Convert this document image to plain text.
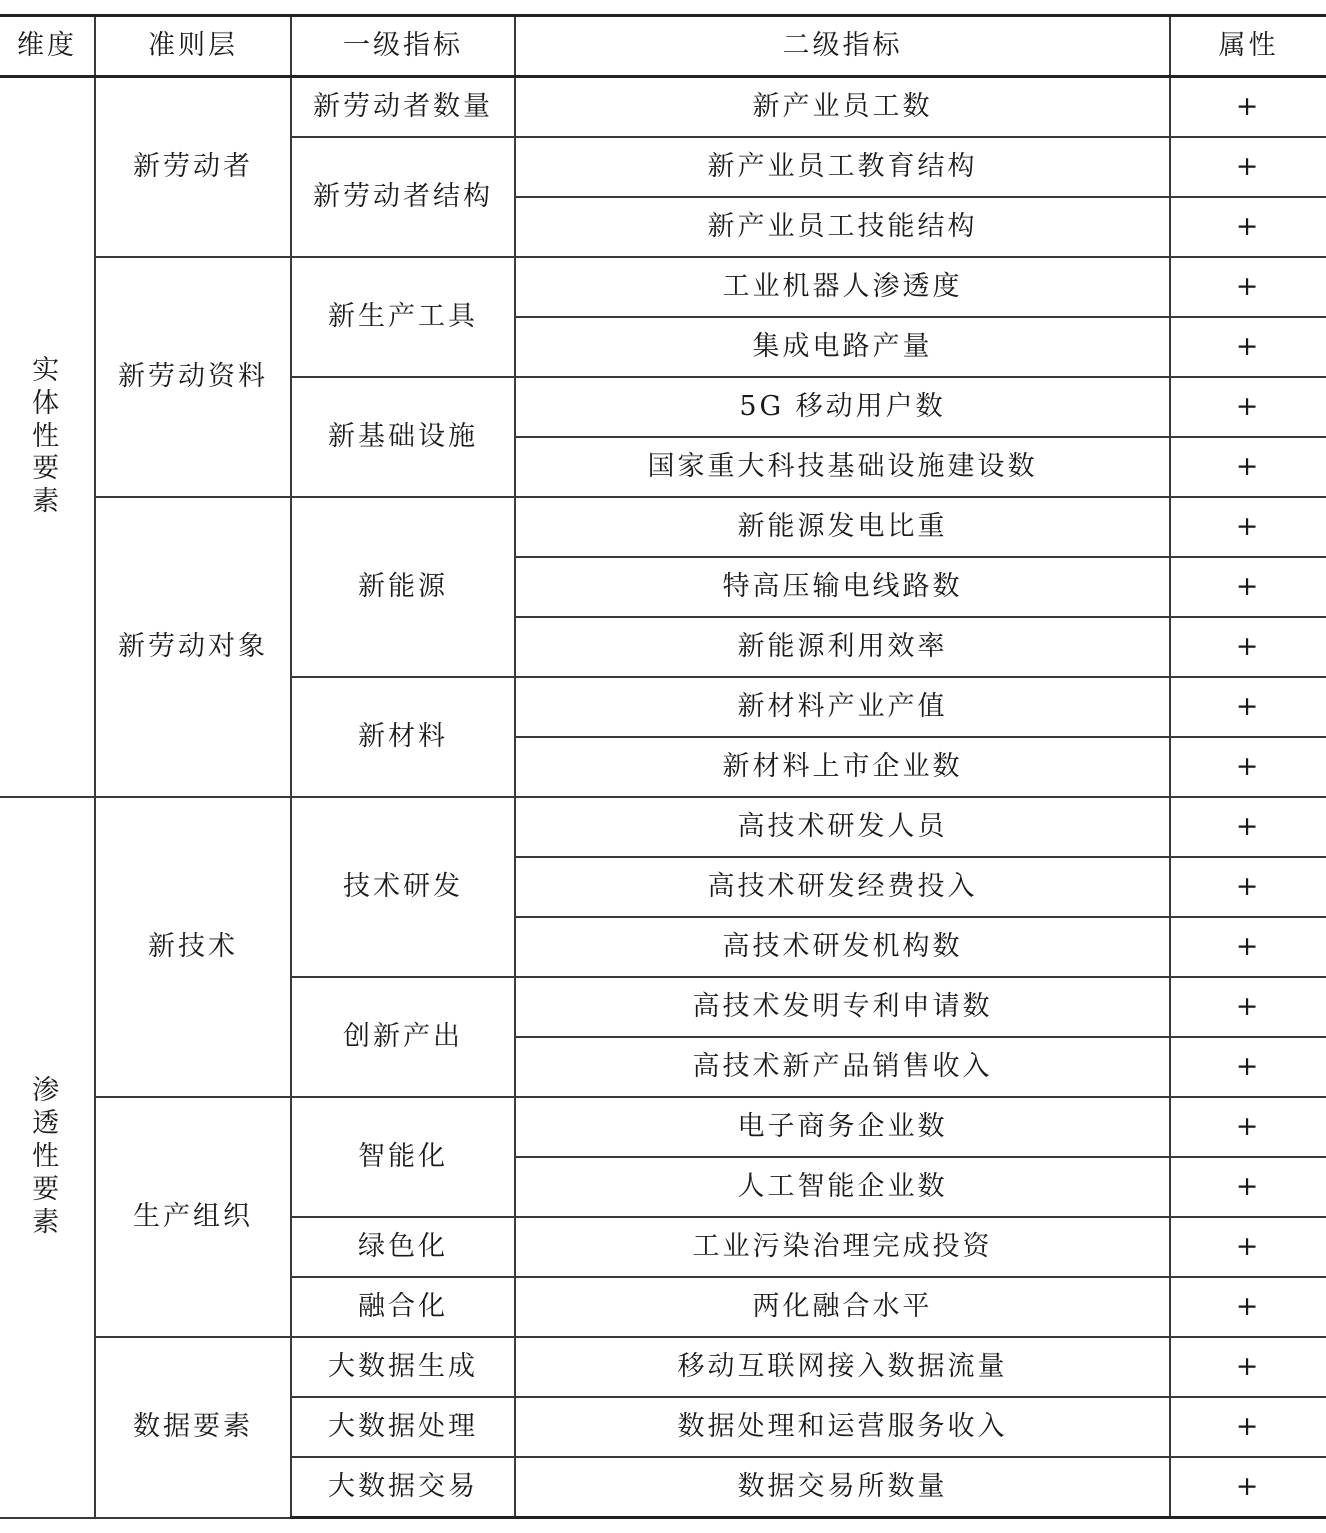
维度	准则层	一级指标	二级指标	属性
实体性要素	新劳动者	新劳动者数量	新产业员工数	+
		新劳动者结构	新产业员工教育结构	+
			新产业员工技能结构	+
	新劳动资料	新生产工具	工业机器人渗透度	+
			集成电路产量	+
		新基础设施	5G 移动用户数	+
			国家重大科技基础设施建设数	+
	新劳动对象	新能源	新能源发电比重	+
			特高压输电线路数	+
			新能源利用效率	+
		新材料	新材料产业产值	+
			新材料上市企业数	+
渗透性要素	新技术	技术研发	高技术研发人员	+
			高技术研发经费投入	+
			高技术研发机构数	+
		创新产出	高技术发明专利申请数	+
			高技术新产品销售收入	+
	生产组织	智能化	电子商务企业数	+
			人工智能企业数	+
		绿色化	工业污染治理完成投资	+
		融合化	两化融合水平	+
	数据要素	大数据生成	移动互联网接入数据流量	+
		大数据处理	数据处理和运营服务收入	+
		大数据交易	数据交易所数量	+
